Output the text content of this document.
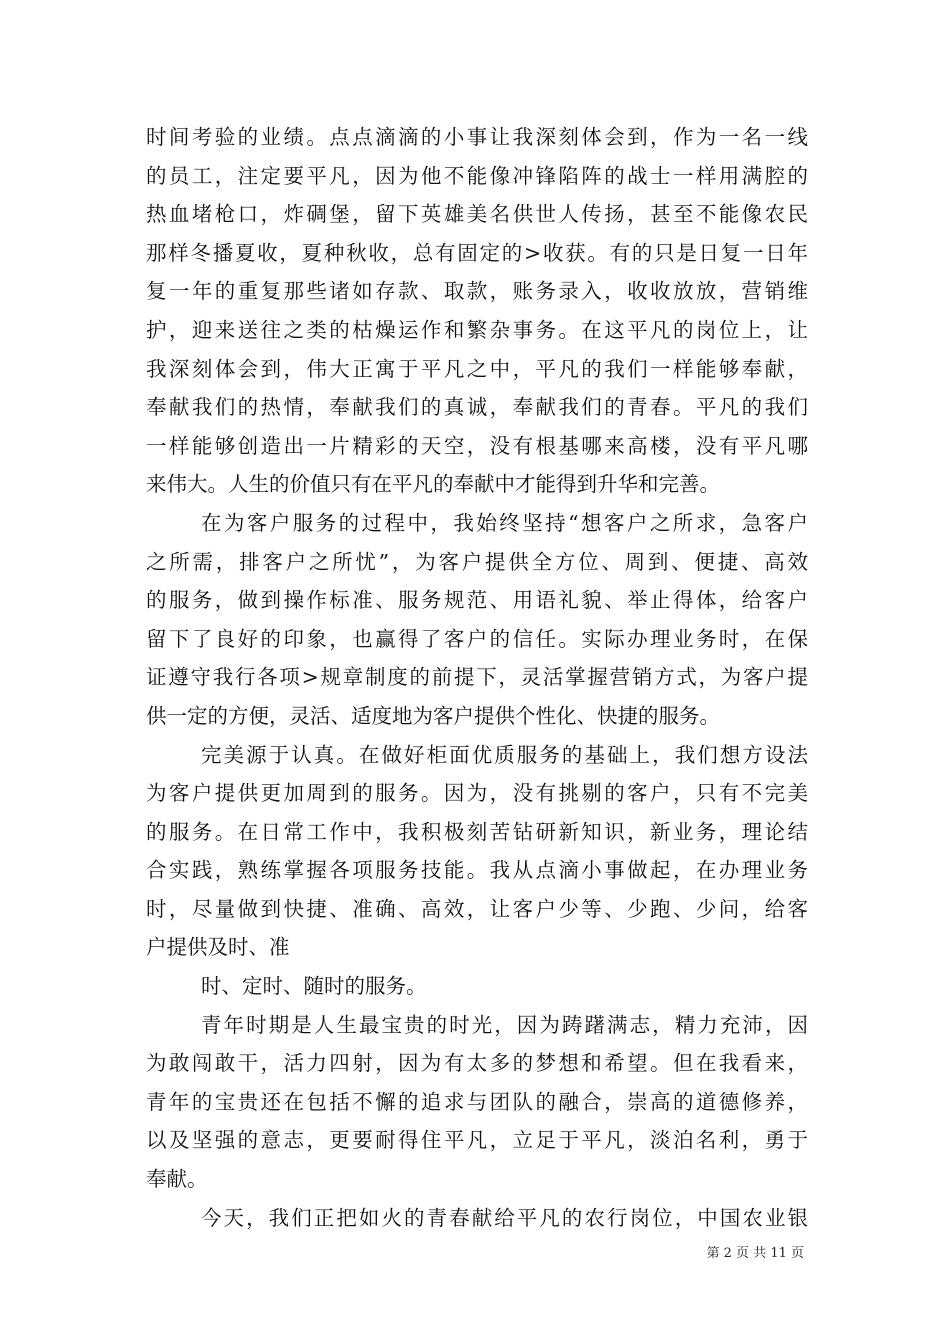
时间考验的业绩。点点滴滴的小事让我深刻体会到，作为一名一线
的员工，注定要平凡，因为他不能像冲锋陷阵的战士一样用满腔的
热血堵枪口，炸碉堡，留下英雄美名供世人传扬，甚至不能像农民
那样冬播夏收，夏种秋收，总有固定的>收获。有的只是日复一日年
复一年的重复那些诸如存款、取款，账务录入，收收放放，营销维
护，迎来送往之类的枯燥运作和繁杂事务。在这平凡的岗位上，让
我深刻体会到，伟大正寓于平凡之中，平凡的我们一样能够奉献，
奉献我们的热情，奉献我们的真诚，奉献我们的青春。平凡的我们
一样能够创造出一片精彩的天空，没有根基哪来高楼，没有平凡哪
来伟大。人生的价值只有在平凡的奉献中才能得到升华和完善。
在为客户服务的过程中，我始终坚持“想客户之所求，急客户
之所需，排客户之所忧”，为客户提供全方位、周到、便捷、高效
的服务，做到操作标准、服务规范、用语礼貌、举止得体，给客户
留下了良好的印象，也赢得了客户的信任。实际办理业务时，在保
证遵守我行各项>规章制度的前提下，灵活掌握营销方式，为客户提
供一定的方便，灵活、适度地为客户提供个性化、快捷的服务。
完美源于认真。在做好柜面优质服务的基础上，我们想方设法
为客户提供更加周到的服务。因为，没有挑剔的客户，只有不完美
的服务。在日常工作中，我积极刻苦钻研新知识，新业务，理论结
合实践，熟练掌握各项服务技能。我从点滴小事做起，在办理业务
时，尽量做到快捷、准确、高效，让客户少等、少跑、少问，给客
户提供及时、准
时、定时、随时的服务。
青年时期是人生最宝贵的时光，因为踌躇满志，精力充沛，因
为敢闯敢干，活力四射，因为有太多的梦想和希望。但在我看来，
青年的宝贵还在包括不懈的追求与团队的融合，崇高的道德修养，
以及坚强的意志，更要耐得住平凡，立足于平凡，淡泊名利，勇于
奉献。
今天，我们正把如火的青春献给平凡的农行岗位，中国农业银
第 2 页 共 11 页
